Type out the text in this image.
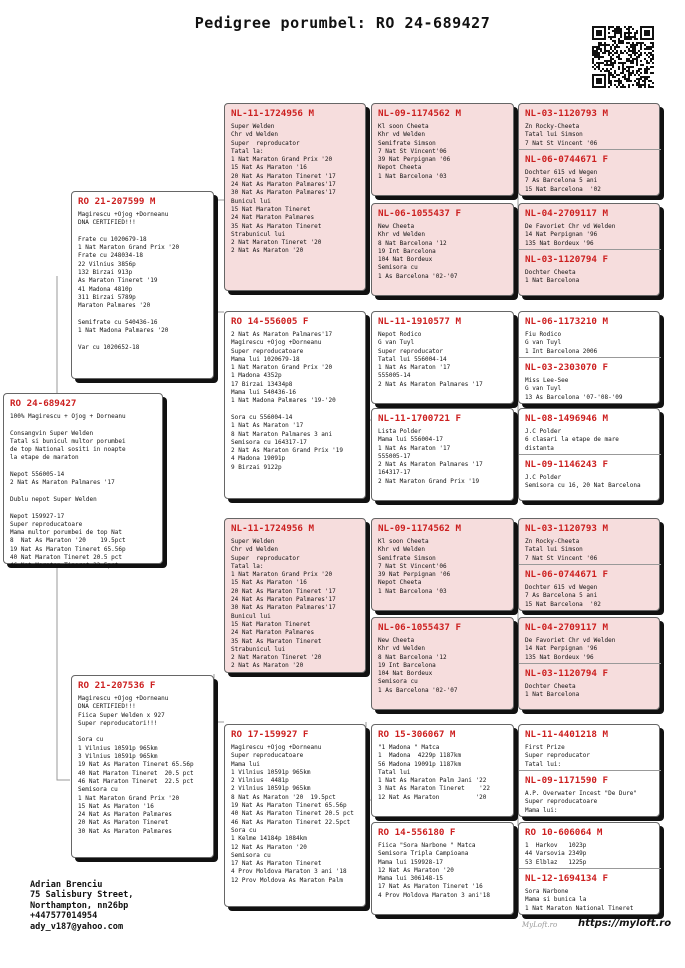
Pedigree porumbel: RO 24-689427
RO 24-689427
100% Magirescu + Ojog + Dorneanu

Consangvin Super Welden
Tatal si bunicul multor porumbei
de top National sositi in noapte
la etape de maraton

Nepot 556005-14
2 Nat As Maraton Palmares '17

Dublu nepot Super Welden

Nepot 159927-17
Super reproducatoare
Mama multor porumbei de top Nat
8  Nat As Maraton '20    19.5pct
19 Nat As Maraton Tineret 65.56p
40 Nat Maraton Tineret 20.5 pct
46 Nat Maraton Tineret 22.5pct
RO 21-207599 M
Magirescu +Ojog +Dorneanu
DNA CERTIFIED!!!

Frate cu 1020679-18
1 Nat Maraton Grand Prix '20
Frate cu 248034-18
22 Vilnius 3856p
132 Birzai 913p
As Maraton Tineret '19
41 Madona 4810p
311 Birzai 5789p
Maraton Palmares '20

Semifrate cu 540436-16
1 Nat Madona Palmares '20

Var cu 1020652-18
RO 21-207536 F
Magirescu +Ojog +Dorneanu
DNA CERTIFIED!!!
Fiica Super Welden x 927
Super reproducatori!!!

Sora cu
1 Vilnius 10591p 965km
3 Vilnius 10591p 965km
19 Nat As Maraton Tineret 65.56p
40 Nat Maraton Tineret  20.5 pct
46 Nat Maraton Tineret  22.5 pct
Semisora cu
1 Nat Maraton Grand Prix '20
15 Nat As Maraton '16
24 Nat As Maraton Palmares
20 Nat As Maraton Tineret
30 Nat As Maraton Palmares
NL-11-1724956 M
Super Welden
Chr vd Welden
Super  reproducator
Tatal la:
1 Nat Maraton Grand Prix '20
15 Nat As Maraton '16
20 Nat As Maraton Tineret '17
24 Nat As Maraton Palmares'17
30 Nat As Maraton Palmares'17
Bunicul lui
15 Nat Maraton Tineret
24 Nat Maraton Palmares
35 Nat As Maraton Tineret
Strabunicul lui
2 Nat Maraton Tineret '20
2 Nat As Maraton '20
RO 14-556005 F
2 Nat As Maraton Palmares'17
Magirescu +Ojog +Dorneanu
Super reproducatoare
Mama lui 1020679-18
1 Nat Maraton Grand Prix '20
1 Madona 4352p
17 Birzai 13434p8
Mama lui 540436-16
1 Nat Madona Palmares '19-'20

Sora cu 556004-14
1 Nat As Maraton '17
8 Nat Maraton Palmares 3 ani
Semisora cu 164317-17
2 Nat As Maraton Grand Prix '19
4 Madona 19091p
9 Birzai 9122p
NL-11-1724956 M
Super Welden
Chr vd Welden
Super  reproducator
Tatal la:
1 Nat Maraton Grand Prix '20
15 Nat As Maraton '16
20 Nat As Maraton Tineret '17
24 Nat As Maraton Palmares'17
30 Nat As Maraton Palmares'17
Bunicul lui
15 Nat Maraton Tineret
24 Nat Maraton Palmares
35 Nat As Maraton Tineret
Strabunicul lui
2 Nat Maraton Tineret '20
2 Nat As Maraton '20
RO 17-159927 F
Magirescu +Ojog +Dorneanu
Super reproducatoare
Mama lui
1 Vilnius 10591p 965km
2 Vilnius  4481p
2 Vilnius 10591p 965km
8 Nat As Maraton '20  19.5pct
19 Nat As Maraton Tineret 65.56p
40 Nat As Maraton Tineret 20.5 pct
46 Nat As Maraton Tineret 22.5pct
Sora cu
1 Kelme 14184p 1084km
12 Nat As Maraton '20
Semisora cu
17 Nat As Maraton Tineret
4 Prov Moldova Maraton 3 ani '18
12 Prov Moldova As Maraton Palm
NL-09-1174562 M
Kl soon Cheeta
Khr vd Welden
Semifrate Simson
7 Nat St Vincent'06
39 Nat Perpignan '06
Nepot Cheeta
1 Nat Barcelona '03
NL-06-1055437 F
New Cheeta
Khr vd Welden
8 Nat Barcelona '12
19 Int Barcelona
104 Nat Bordeux
Semisora cu
1 As Barcelona '02-'07
NL-11-1910577 M
Nepot Rodico
G van Tuyl
Super reproducator
Tatal lui 556004-14
1 Nat As Maraton '17
555005-14
2 Nat As Maraton Palmares '17
NL-11-1700721 F
Lista Polder
Mama lui 556004-17
1 Nat As Maraton '17
555005-17
2 Nat As Maraton Palmares '17
164317-17
2 Nat Maraton Grand Prix '19
NL-09-1174562 M
Kl soon Cheeta
Khr vd Welden
Semifrate Simson
7 Nat St Vincent'06
39 Nat Perpignan '06
Nepot Cheeta
1 Nat Barcelona '03
NL-06-1055437 F
New Cheeta
Khr vd Welden
8 Nat Barcelona '12
19 Int Barcelona
104 Nat Bordeux
Semisora cu
1 As Barcelona '02-'07
RO 15-306067 M
"1 Madona " Matca
1  Madona  4229p 1187km
56 Madona 19091p 1187km
Tatal lui
1 Nat As Maraton Palm Jani '22
3 Nat As Maraton Tineret    '22
12 Nat As Maraton          '20
RO 14-556180 F
Fiica "Sora Narbone " Matca
Semisora Tripla Campioana
Mama lui 159928-17
12 Nat As Maraton '20
Mama lui 306148-15
17 Nat As Maraton Tineret '16
4 Prov Moldova Maraton 3 ani'18
NL-03-1120793 M
Zn Rocky-Cheeta
Tatal lui Simson
7 Nat St Vincent '06
NL-06-0744671 F
Dochter 615 vd Wegen
7 As Barcelona 5 ani
15 Nat Barcelona  '02
NL-04-2709117 M
De Favoriet Chr vd Welden
14 Nat Perpignan '96
135 Nat Bordeux '96
NL-03-1120794 F
Dochter Cheeta
1 Nat Barcelona
NL-06-1173210 M
Fiu Rodico
G van Tuyl
1 Int Barcelona 2006
NL-03-2303070 F
Miss Lee-See
G van Tuyl
13 As Barcelona '07-'08-'09
NL-08-1496946 M
J.C Polder
6 clasari la etape de mare
distanta
NL-09-1146243 F
J.C Polder
Semisora cu 16, 20 Nat Barcelona
NL-03-1120793 M
Zn Rocky-Cheeta
Tatal lui Simson
7 Nat St Vincent '06
NL-06-0744671 F
Dochter 615 vd Wegen
7 As Barcelona 5 ani
15 Nat Barcelona  '02
NL-04-2709117 M
De Favoriet Chr vd Welden
14 Nat Perpignan '96
135 Nat Bordeux '96
NL-03-1120794 F
Dochter Cheeta
1 Nat Barcelona
NL-11-4401218 M
First Prize
Super reproducator
Tatal lui:
NL-09-1171590 F
A.P. Overwater Incest "De Dure"
Super reproducatoare
Mama lui:
RO 10-606064 M
1  Harkov   1023p
44 Varsovia 2349p
53 Elblaz   1225p
NL-12-1694134 F
Sora Narbone
Mama si bunica la
1 Nat Maraton National Tineret
Adrian Brenciu
75 Salisbury Street,
Northampton, nn26bp
+447577014954
ady_v187@yahoo.com	MyLoft.ro https://myloft.ro
